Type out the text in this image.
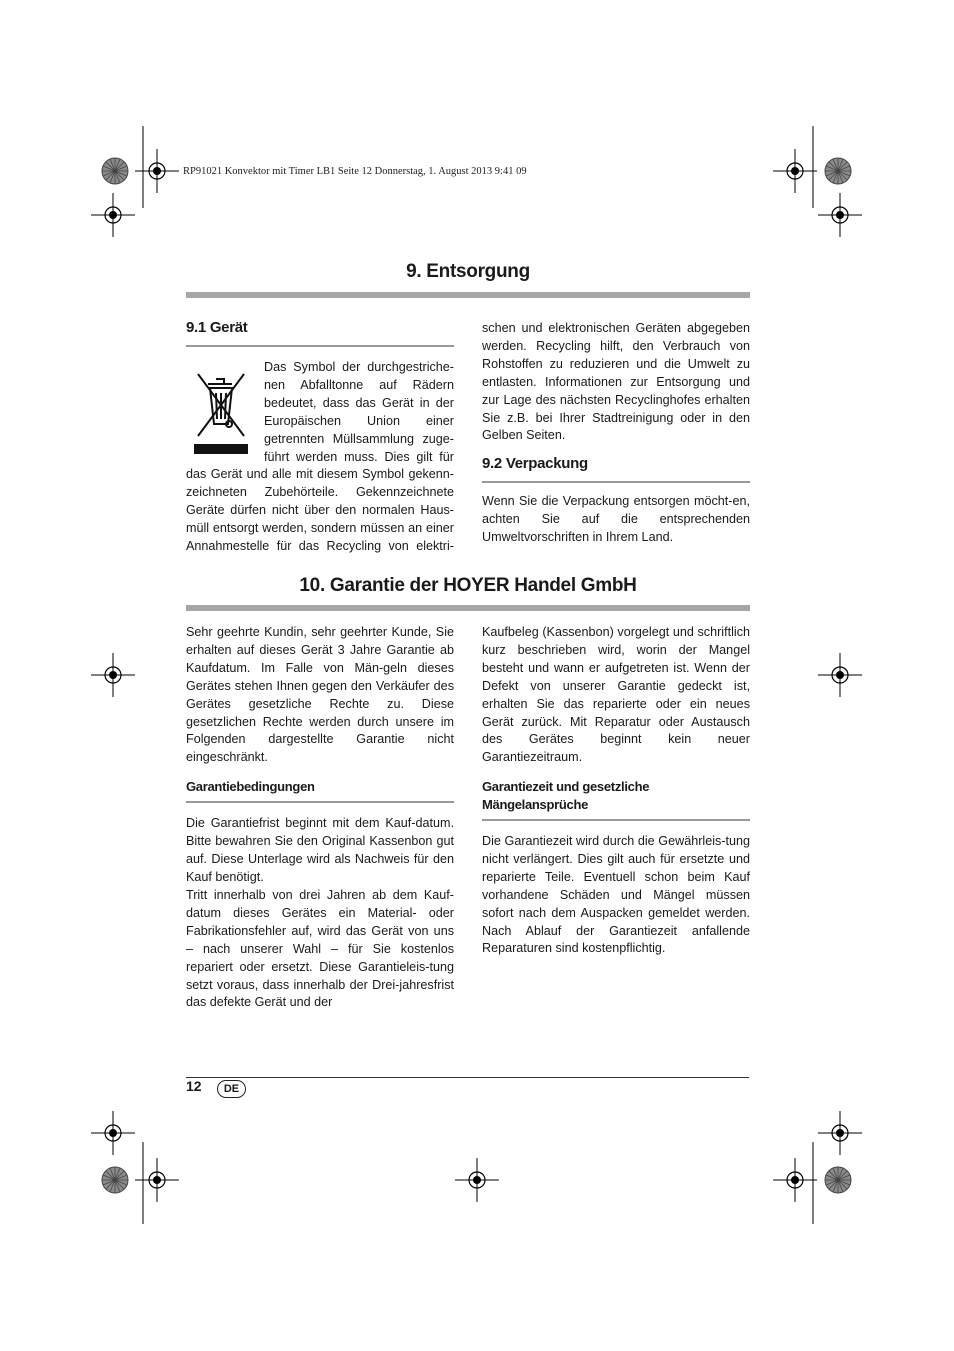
RP91021 Konvektor mit Timer LB1 Seite 12 Donnerstag, 1. August 2013 9:41 09
9. Entsorgung
9.1 Gerät

Das Symbol der durchgestriche-

nen Abfalltonne auf Rädern

bedeutet, dass das Gerät in der

Europäischen Union einer

getrennten Müllsammlung zuge-

führt werden muss. Dies gilt für

das Gerät und alle mit diesem Symbol gekenn-

zeichneten Zubehörteile. Gekennzeichnete

Geräte dürfen nicht über den normalen Haus-

müll entsorgt werden, sondern müssen an einer

Annahmestelle für das Recycling von elektri-

schen und elektronischen Geräten abgegeben werden. Recycling hilft, den Verbrauch von Rohstoffen zu reduzieren und die Umwelt zu entlasten. Informationen zur Entsorgung und zur Lage des nächsten Recyclinghofes erhalten Sie z.B. bei Ihrer Stadtreinigung oder in den Gelben Seiten.

9.2 Verpackung

Wenn Sie die Verpackung entsorgen möcht-en, achten Sie auf die entsprechenden Umweltvorschriften in Ihrem Land.

10. Garantie der HOYER Handel GmbH

Sehr geehrte Kundin, sehr geehrter Kunde, Sie erhalten auf dieses Gerät 3 Jahre Garantie ab Kaufdatum. Im Falle von Män-geln dieses Gerätes stehen Ihnen gegen den Verkäufer des Gerätes gesetzliche Rechte zu. Diese gesetzlichen Rechte werden durch unsere im Folgenden dargestellte Garantie nicht eingeschränkt.

Garantiebedingungen

Die Garantiefrist beginnt mit dem Kauf-datum. Bitte bewahren Sie den Original Kassenbon gut auf. Diese Unterlage wird als Nachweis für den Kauf benötigt.

Tritt innerhalb von drei Jahren ab dem Kauf-datum dieses Gerätes ein Material- oder Fabrikationsfehler auf, wird das Gerät von uns – nach unserer Wahl – für Sie kostenlos repariert oder ersetzt. Diese Garantieleis-tung setzt voraus, dass innerhalb der Drei-jahresfrist das defekte Gerät und der

Kaufbeleg (Kassenbon) vorgelegt und schriftlich kurz beschrieben wird, worin der Mangel besteht und wann er aufgetreten ist. Wenn der Defekt von unserer Garantie gedeckt ist, erhalten Sie das reparierte oder ein neues Gerät zurück. Mit Reparatur oder Austausch des Gerätes beginnt kein neuer Garantiezeitraum.

Garantiezeit und gesetzliche
Mängelansprüche

Die Garantiezeit wird durch die Gewährleis-tung nicht verlängert. Dies gilt auch für ersetzte und reparierte Teile. Eventuell schon beim Kauf vorhandene Schäden und Mängel müssen sofort nach dem Auspacken gemeldet werden. Nach Ablauf der Garantiezeit anfallende Reparaturen sind kostenpflichtig.

12	DE
